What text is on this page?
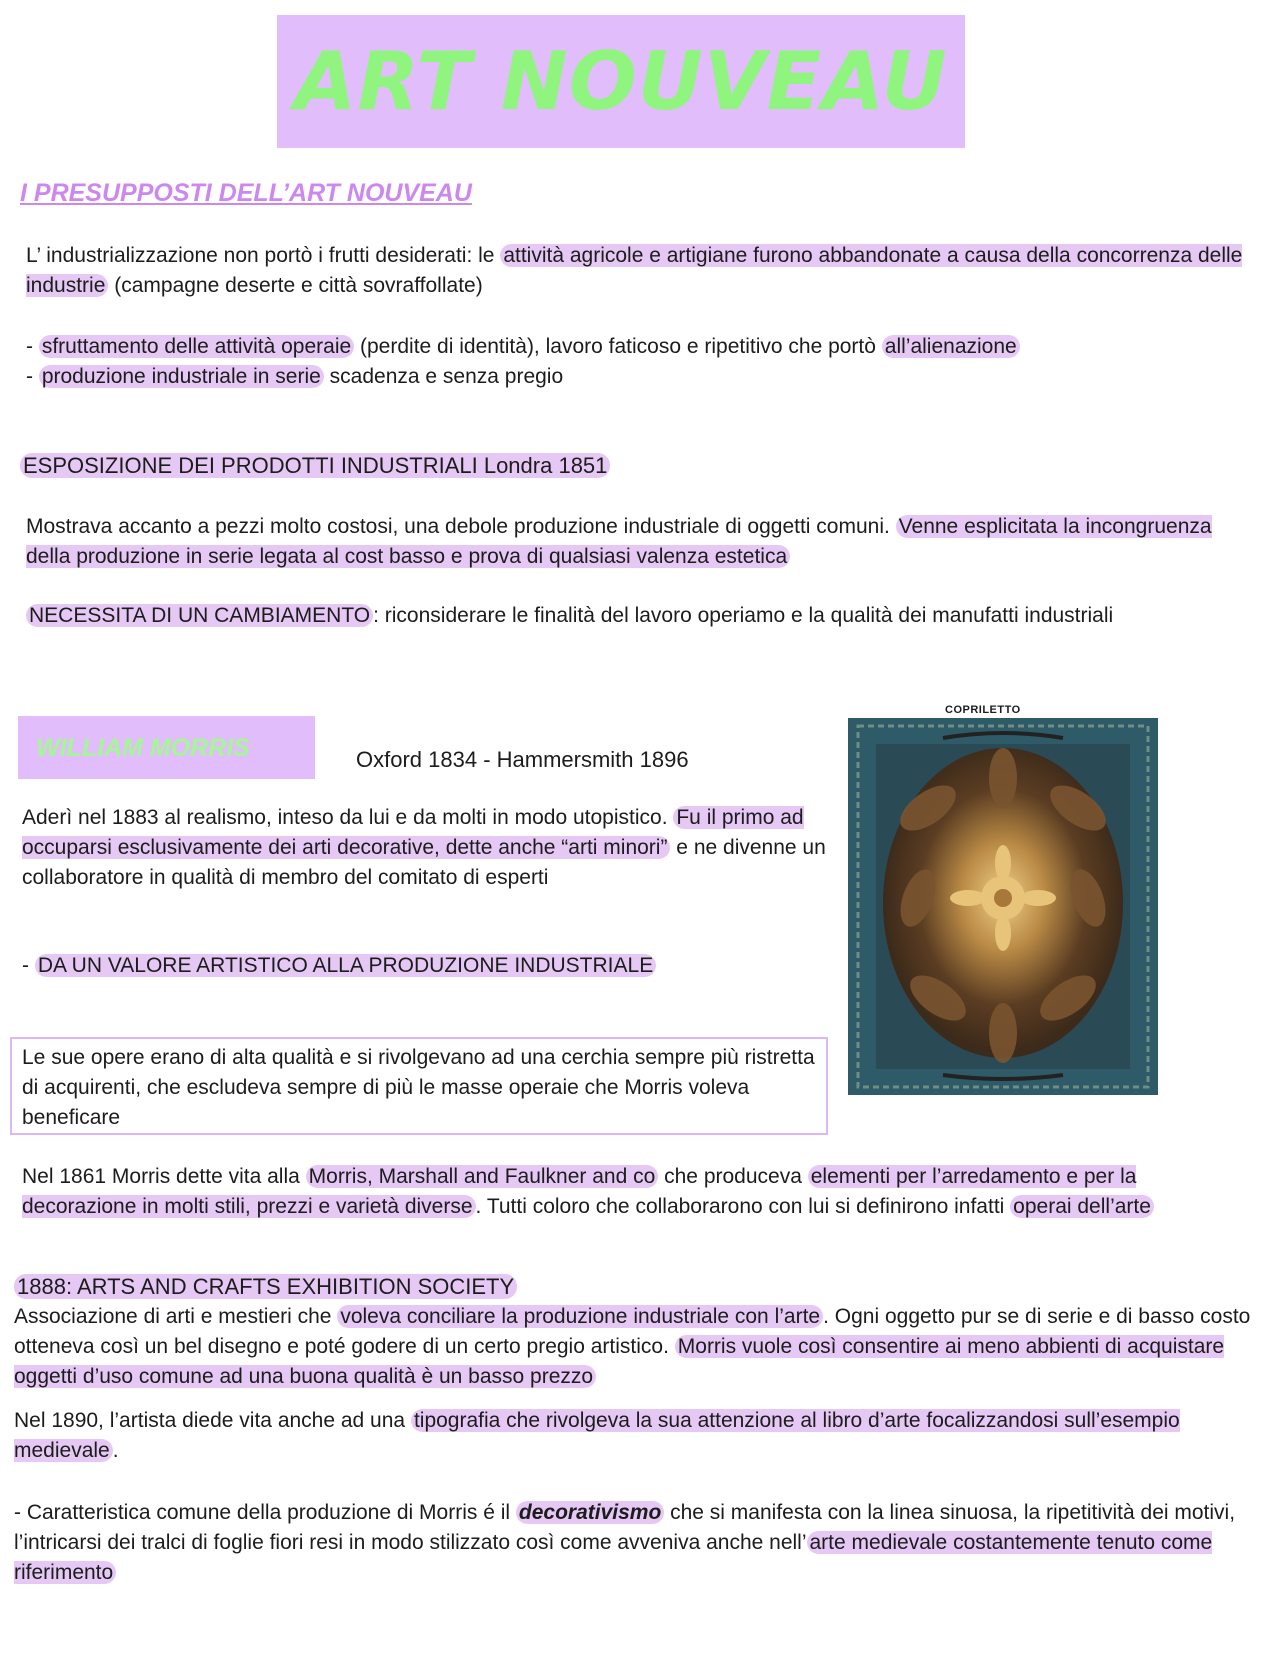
ART NOUVEAU
I PRESUPPOSTI DELL’ART NOUVEAU

L’ industrializzazione non portò i frutti desiderati: le attività agricole e artigiane furono abbandonate a causa della concorrenza delle industrie (campagne deserte e città sovraffollate)

- sfruttamento delle attività operaie (perdite di identità), lavoro faticoso e ripetitivo che portò all’alienazione

- produzione industriale in serie scadenza e senza pregio

ESPOSIZIONE DEI PRODOTTI INDUSTRIALI Londra 1851

Mostrava accanto a pezzi molto costosi, una debole produzione industriale di oggetti comuni. Venne esplicitata la incongruenza della produzione in serie legata al cost basso e prova di qualsiasi valenza estetica

NECESSITA DI UN CAMBIAMENTO : riconsiderare le finalità del lavoro operiamo e la qualità dei manufatti industriali

WILLIAM MORRIS	Oxford 1834 - Hammersmith 1896
COPRILETTO

Aderì nel 1883 al realismo, inteso da lui e da molti in modo utopistico. Fu il primo ad occuparsi esclusivamente dei arti decorative, dette anche “arti minori” e ne divenne un collaboratore in qualità di membro del comitato di esperti

- DA UN VALORE ARTISTICO ALLA PRODUZIONE INDUSTRIALE

Le sue opere erano di alta qualità e si rivolgevano ad una cerchia sempre più ristretta di acquirenti, che escludeva sempre di più le masse operaie che Morris voleva beneficare

Nel 1861 Morris dette vita alla Morris, Marshall and Faulkner and co che produceva elementi per l’arredamento e per la decorazione in molti stili, prezzi e varietà diverse . Tutti coloro che collaborarono con lui si definirono infatti operai dell’arte

1888: ARTS AND CRAFTS EXHIBITION SOCIETY

Associazione di arti e mestieri che voleva conciliare la produzione industriale con l’arte . Ogni oggetto pur se di serie e di basso costo otteneva così un bel disegno e poté godere di un certo pregio artistico. Morris vuole così consentire ai meno abbienti di acquistare oggetti d’uso comune ad una buona qualità è un basso prezzo

Nel 1890, l’artista diede vita anche ad una tipografia che rivolgeva la sua attenzione al libro d’arte focalizzandosi sull’esempio medievale .

- Caratteristica comune della produzione di Morris é il decorativismo che si manifesta con la linea sinuosa, la ripetitività dei motivi, l’intricarsi dei tralci di foglie fiori resi in modo stilizzato così come avveniva anche nell’ arte medievale costantemente tenuto come riferimento
